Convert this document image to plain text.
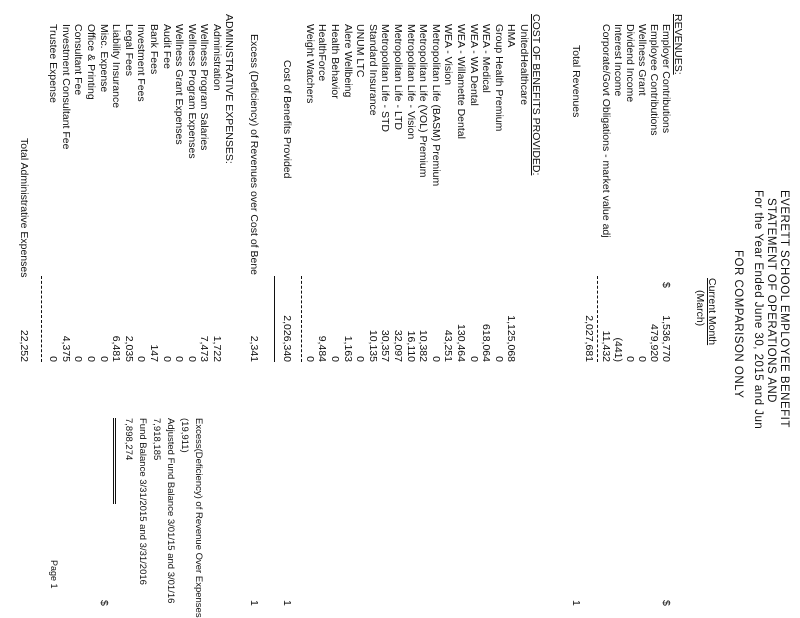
EVERETT SCHOOL EMPLOYEE BENEFIT
STATEMENT OF OPERATIONS AND
For the Year Ended June 30, 2015 and Jun
FOR COMPARISON ONLY
Current Month
(March)
REVENUES:
$
Employer Contributions
1,536,770
Employee Contributions
479,920
Wellness Grant
0
Dividend Income
0
Interest Income
(441)
Corporate/Govt Obligations - market value adj
11,432
Total Revenues
2,027,681
COST OF BENEFITS PROVIDED:
UnitedHealthcare
HMA
1,125,068
Group Health Premium
0
WEA - Medical
618,064
WEA - WA Dental
0
WEA - Willamette Dental
130,464
WEA - Vision
43,251
Metropolitan Life (BASM) Premium
0
Metropolitan Life (VOL) Premium
10,382
Metropolitan Life - Vision
16,110
Metropolitan Life - LTD
32,097
Metropolitan Life - STD
30,357
Standard Insurance
10,135
UNUM LTC
0
Alere Wellbeing
1,163
Health Behavior
0
HealthForce
9,484
Weight Watchers
0
Cost of Benefits Provided
2,026,340
Excess (Deficiency) of Revenues over Cost of Bene
2,341
ADMINISTRATIVE EXPENSES:
Administration
1,722
Wellness Program Salaries
7,473
Wellness Program Expenses
0
Wellness Grant Expenses
0
Audit Fee
0
Bank Fees
147
Investment Fees
0
Legal Fees
2,035
Liability Insurance
6,481
Misc. Expense
0
Office & Printing
0
Consultant Fee
0
Investment Consultant Fee
4,375
Trustee Expense
0
Total Administrative Expenses
22,252
Excess(Deficiency) of Revenue Over Expenses
(19,911)
Adjusted Fund Balance 3/01/15 and 3/01/16
7,918,185
Fund Balance 3/31/2015 and 3/31/2016
7,898,274
$
1
1
1
$
Page 1
